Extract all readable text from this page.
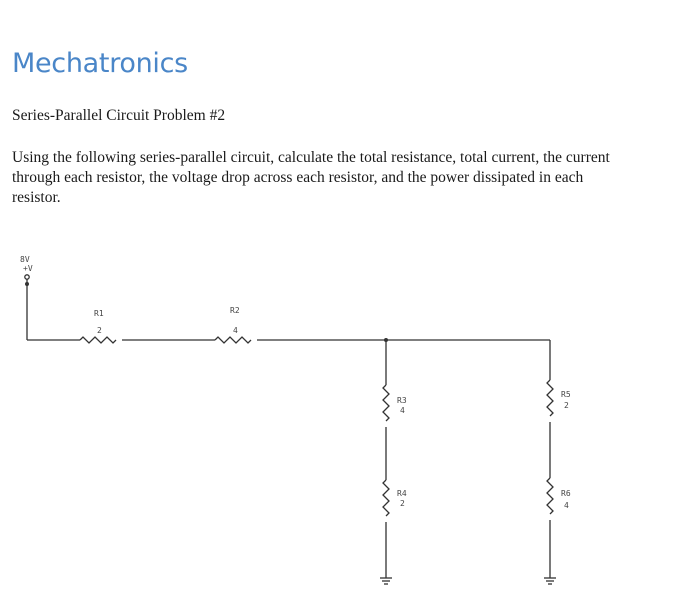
Mechatronics

Series-Parallel Circuit Problem #2

Using the following series-parallel circuit, calculate the total resistance, total current, the current
through each resistor, the voltage drop across each resistor, and the power dissipated in each
resistor.
8V
+V
R1
2
R2
4
R3
4
R4
2
R5
2
R6
4
